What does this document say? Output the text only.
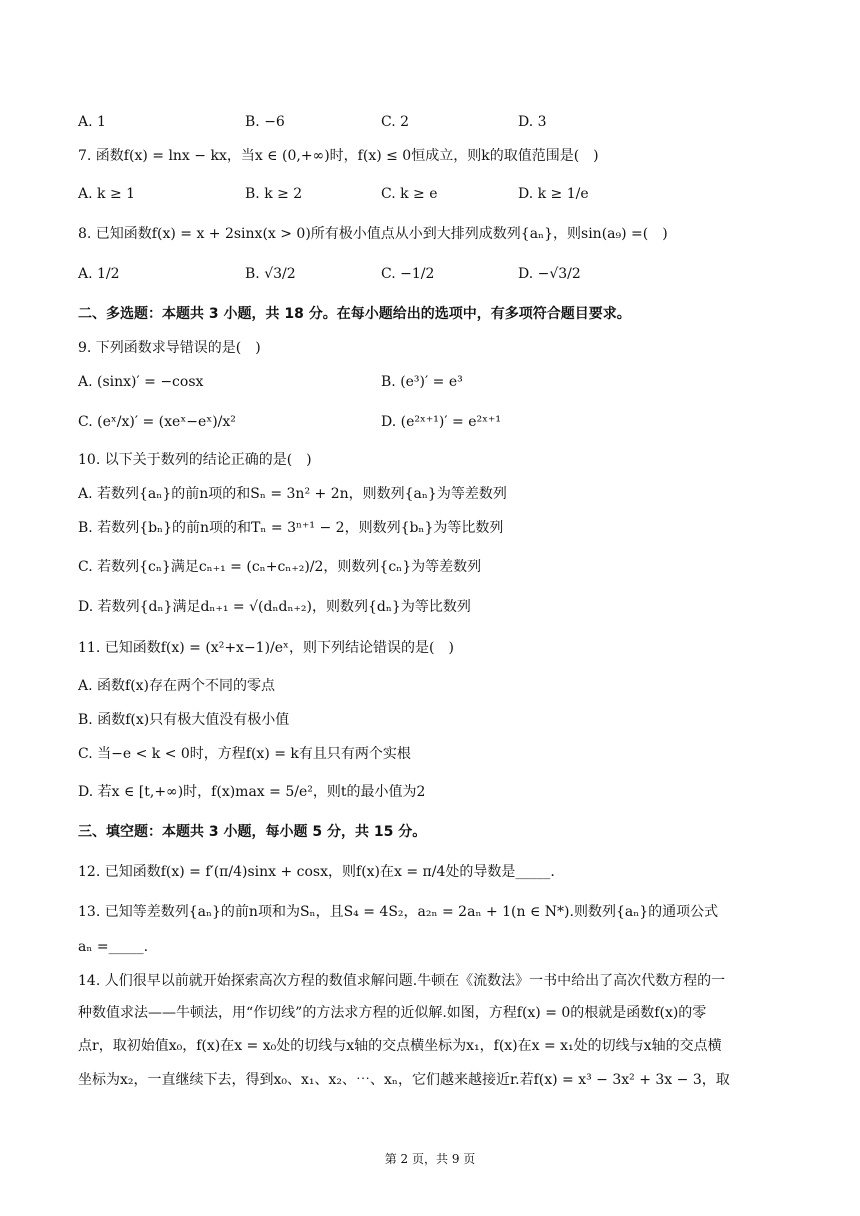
A. 1	B. −6	C. 2	D. 3
7. 函数f(x) = lnx − kx，当x ∈ (0,+∞)时，f(x) ≤ 0恒成立，则k的取值范围是(　)
A. k ≥ 1	B. k ≥ 2	C. k ≥ e	D. k ≥ 1/e
8. 已知函数f(x) = x + 2sinx(x > 0)所有极小值点从小到大排列成数列{aₙ}，则sin(a₉) =(　)
A. 1/2	B. √3/2	C. −1/2	D. −√3/2
二、多选题：本题共 3 小题，共 18 分。在每小题给出的选项中，有多项符合题目要求。
9. 下列函数求导错误的是(　)
A. (sinx)′ = −cosx	B. (e³)′ = e³
C. (eˣ/x)′ = (xeˣ−eˣ)/x²	D. (e²ˣ⁺¹)′ = e²ˣ⁺¹
10. 以下关于数列的结论正确的是(　)
A. 若数列{aₙ}的前n项的和Sₙ = 3n² + 2n，则数列{aₙ}为等差数列
B. 若数列{bₙ}的前n项的和Tₙ = 3ⁿ⁺¹ − 2，则数列{bₙ}为等比数列
C. 若数列{cₙ}满足cₙ₊₁ = (cₙ+cₙ₊₂)/2，则数列{cₙ}为等差数列
D. 若数列{dₙ}满足dₙ₊₁ = √(dₙdₙ₊₂)，则数列{dₙ}为等比数列
11. 已知函数f(x) = (x²+x−1)/eˣ，则下列结论错误的是(　)
A. 函数f(x)存在两个不同的零点
B. 函数f(x)只有极大值没有极小值
C. 当−e < k < 0时，方程f(x) = k有且只有两个实根
D. 若x ∈ [t,+∞)时，f(x)max = 5/e²，则t的最小值为2
三、填空题：本题共 3 小题，每小题 5 分，共 15 分。
12. 已知函数f(x) = f′(π/4)sinx + cosx，则f(x)在x = π/4处的导数是_____.
13. 已知等差数列{aₙ}的前n项和为Sₙ，且S₄ = 4S₂，a₂ₙ = 2aₙ + 1(n ∈ N*).则数列{aₙ}的通项公式
aₙ =_____.
14. 人们很早以前就开始探索高次方程的数值求解问题.牛顿在《流数法》一书中给出了高次代数方程的一
种数值求法——牛顿法，用“作切线”的方法求方程的近似解.如图，方程f(x) = 0的根就是函数f(x)的零
点r，取初始值x₀，f(x)在x = x₀处的切线与x轴的交点横坐标为x₁，f(x)在x = x₁处的切线与x轴的交点横
坐标为x₂，一直继续下去，得到x₀、x₁、x₂、⋯、xₙ，它们越来越接近r.若f(x) = x³ − 3x² + 3x − 3，取
第 2 页，共 9 页
